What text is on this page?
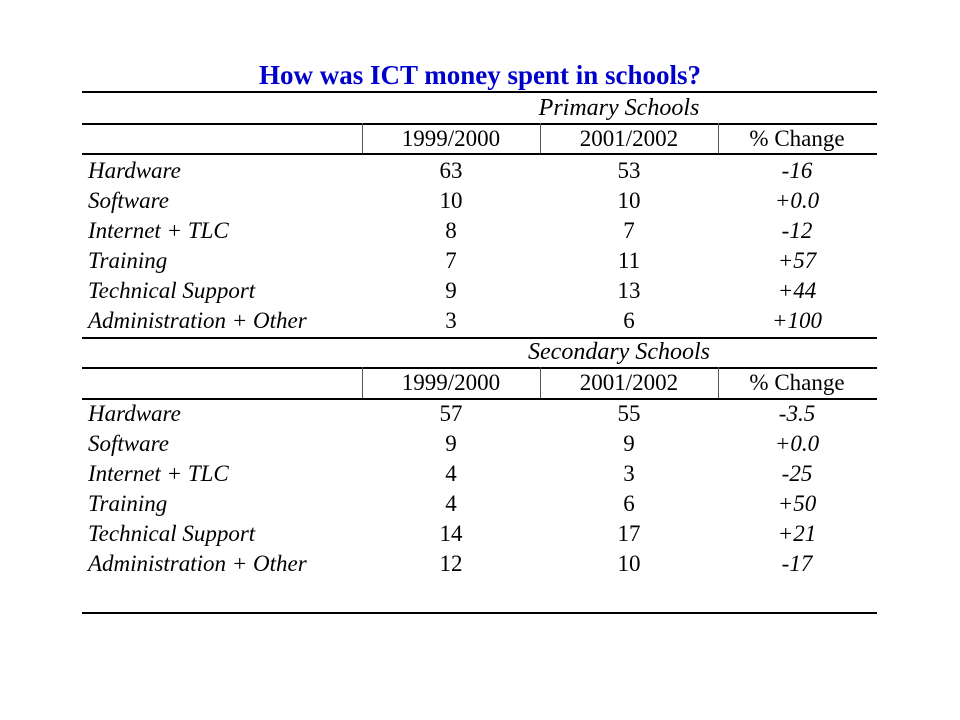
How was ICT money spent in schools?
Primary Schools
1999/2000	2001/2002	% Change
Hardware	63	53	-16
Software	10	10	+0.0
Internet + TLC	8	7	-12
Training	7	11	+57
Technical Support	9	13	+44
Administration + Other	3	6	+100
Secondary Schools
1999/2000	2001/2002	% Change
Hardware	57	55	-3.5
Software	9	9	+0.0
Internet + TLC	4	3	-25
Training	4	6	+50
Technical Support	14	17	+21
Administration + Other	12	10	-17
